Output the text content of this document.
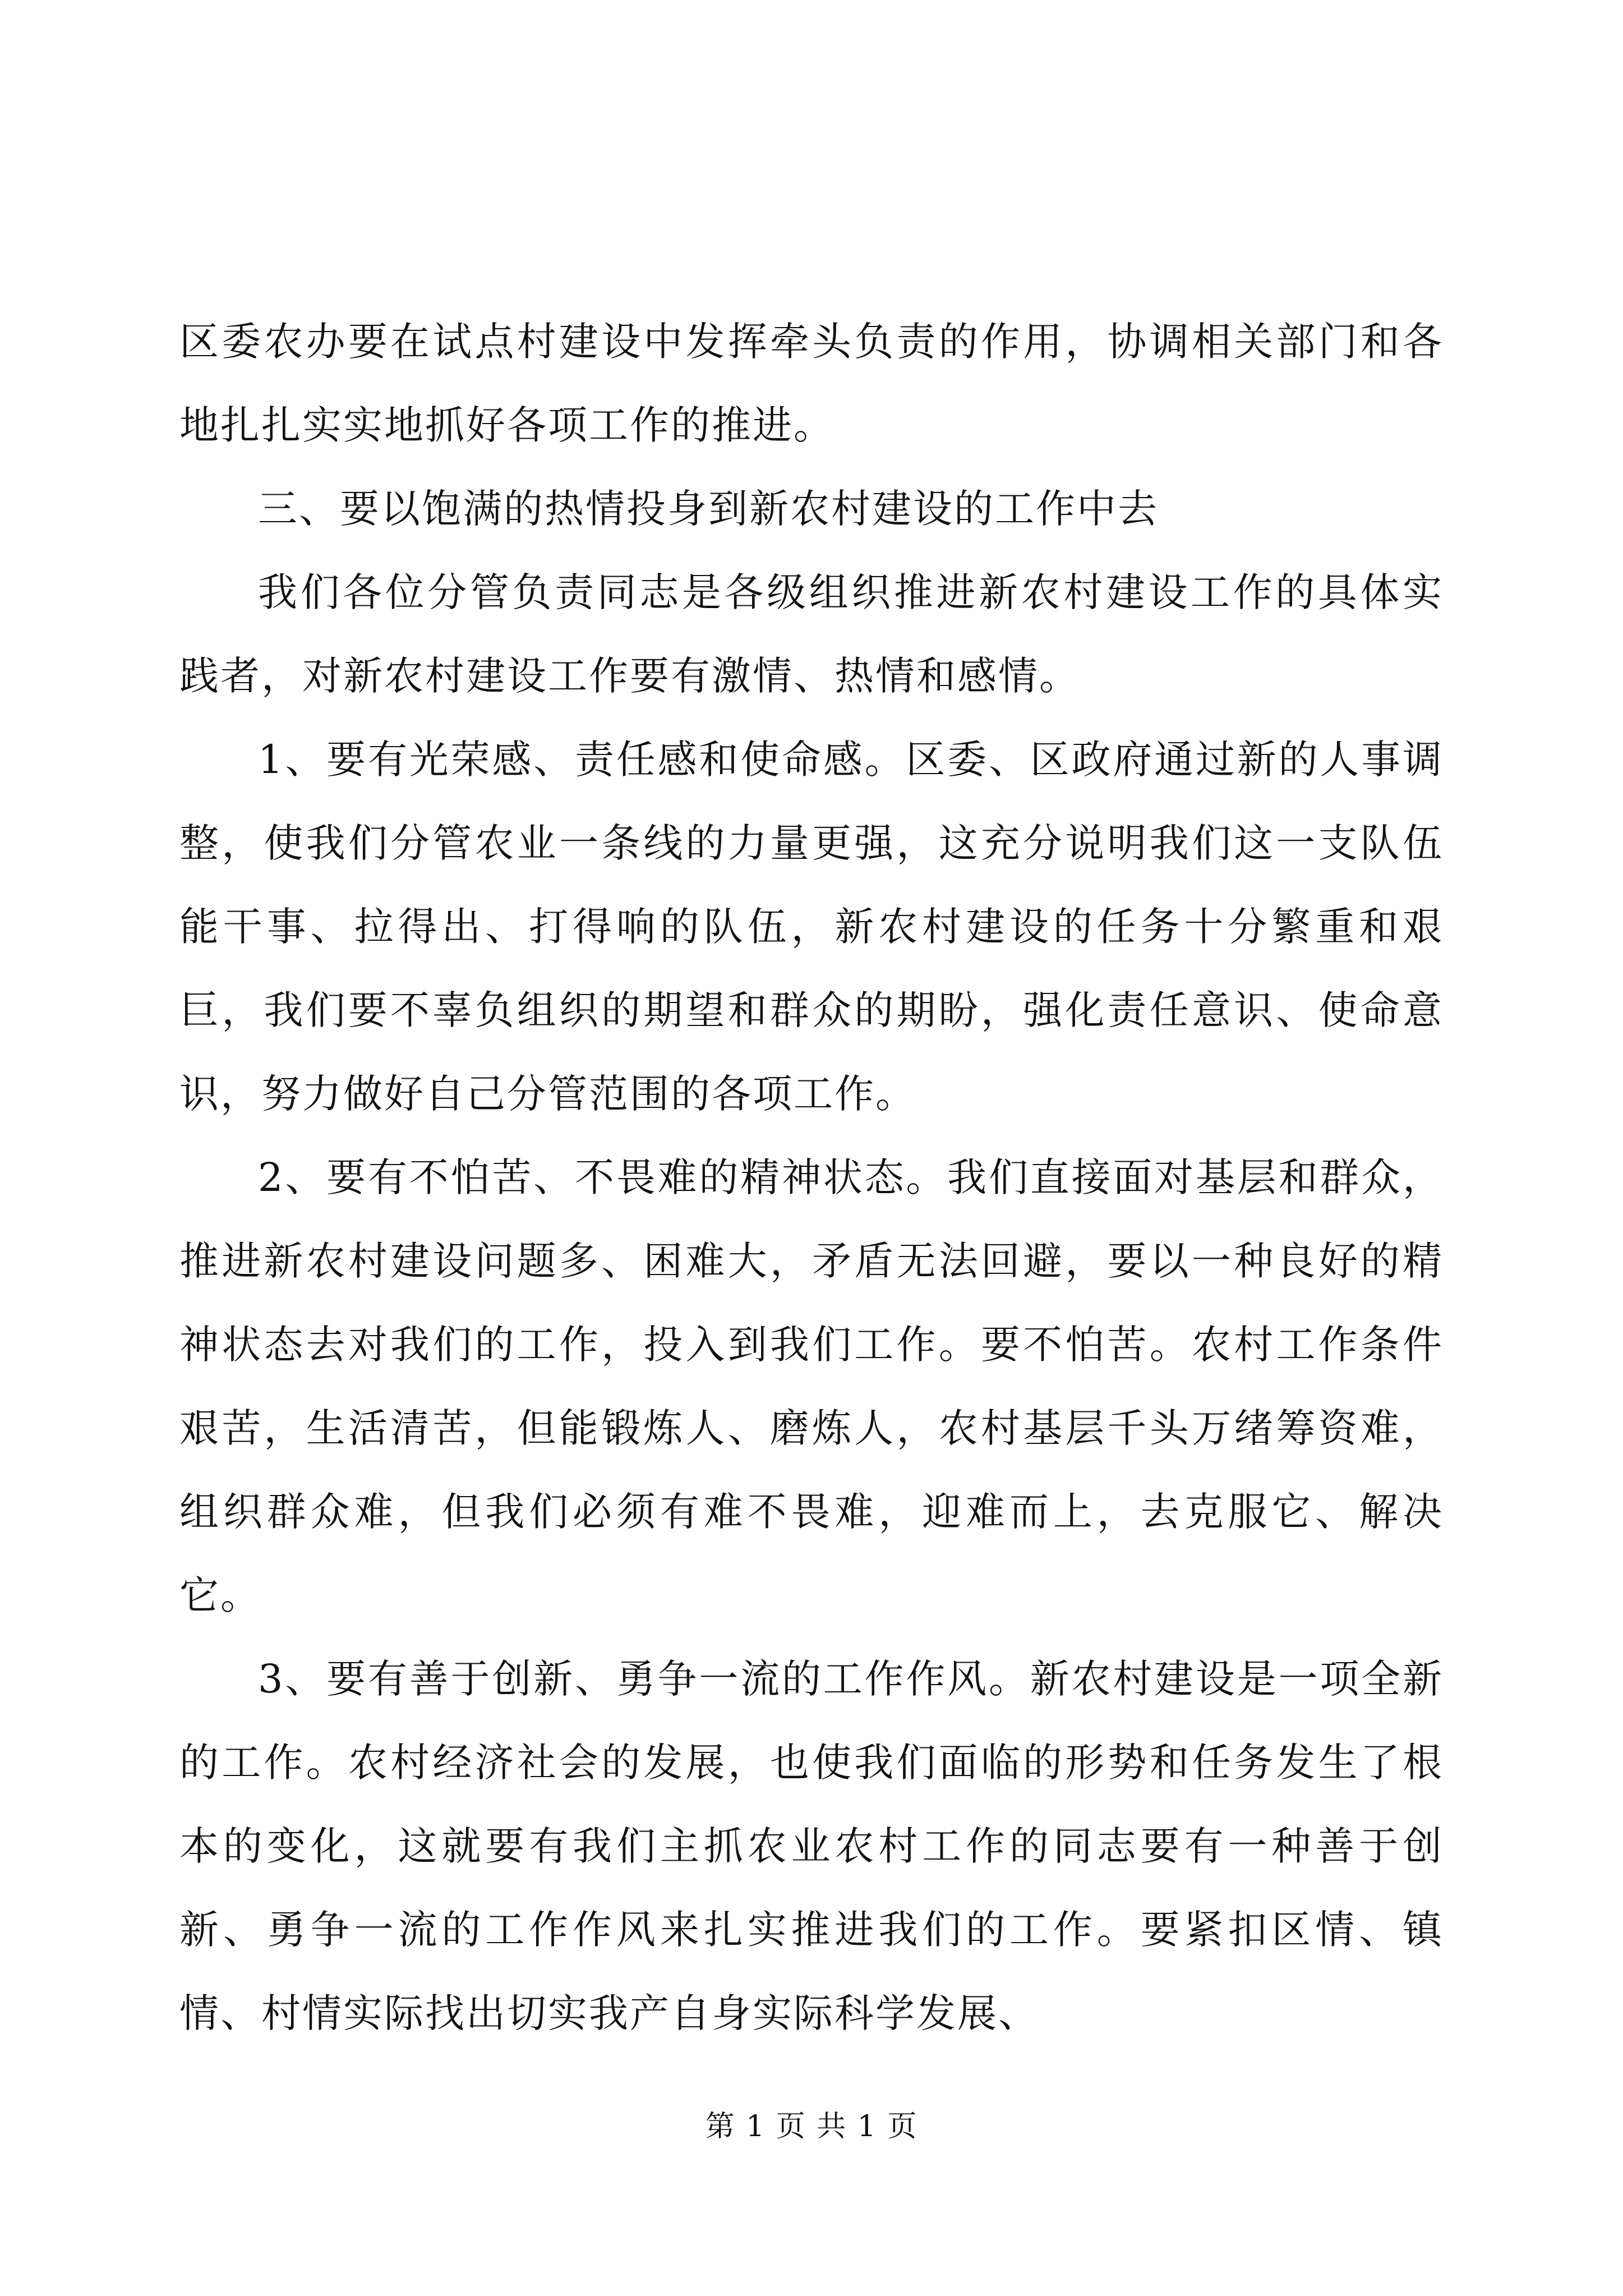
区委农办要在试点村建设中发挥牵头负责的作用，协调相关部门和各地扎扎实实地抓好各项工作的推进。

三、要以饱满的热情投身到新农村建设的工作中去

我们各位分管负责同志是各级组织推进新农村建设工作的具体实践者，对新农村建设工作要有激情、热情和感情。

1、要有光荣感、责任感和使命感。区委、区政府通过新的人事调整，使我们分管农业一条线的力量更强，这充分说明我们这一支队伍能干事、拉得出、打得响的队伍，新农村建设的任务十分繁重和艰巨，我们要不辜负组织的期望和群众的期盼，强化责任意识、使命意识，努力做好自己分管范围的各项工作。

2、要有不怕苦、不畏难的精神状态。我们直接面对基层和群众，推进新农村建设问题多、困难大，矛盾无法回避，要以一种良好的精神状态去对我们的工作，投入到我们工作。要不怕苦。农村工作条件艰苦，生活清苦，但能锻炼人、磨炼人，农村基层千头万绪筹资难，组织群众难，但我们必须有难不畏难，迎难而上，去克服它、解决它。

3、要有善于创新、勇争一流的工作作风。新农村建设是一项全新的工作。农村经济社会的发展，也使我们面临的形势和任务发生了根本的变化，这就要有我们主抓农业农村工作的同志要有一种善于创新、勇争一流的工作作风来扎实推进我们的工作。要紧扣区情、镇情、村情实际找出切实我产自身实际科学发展、

第 1 页 共 1 页
